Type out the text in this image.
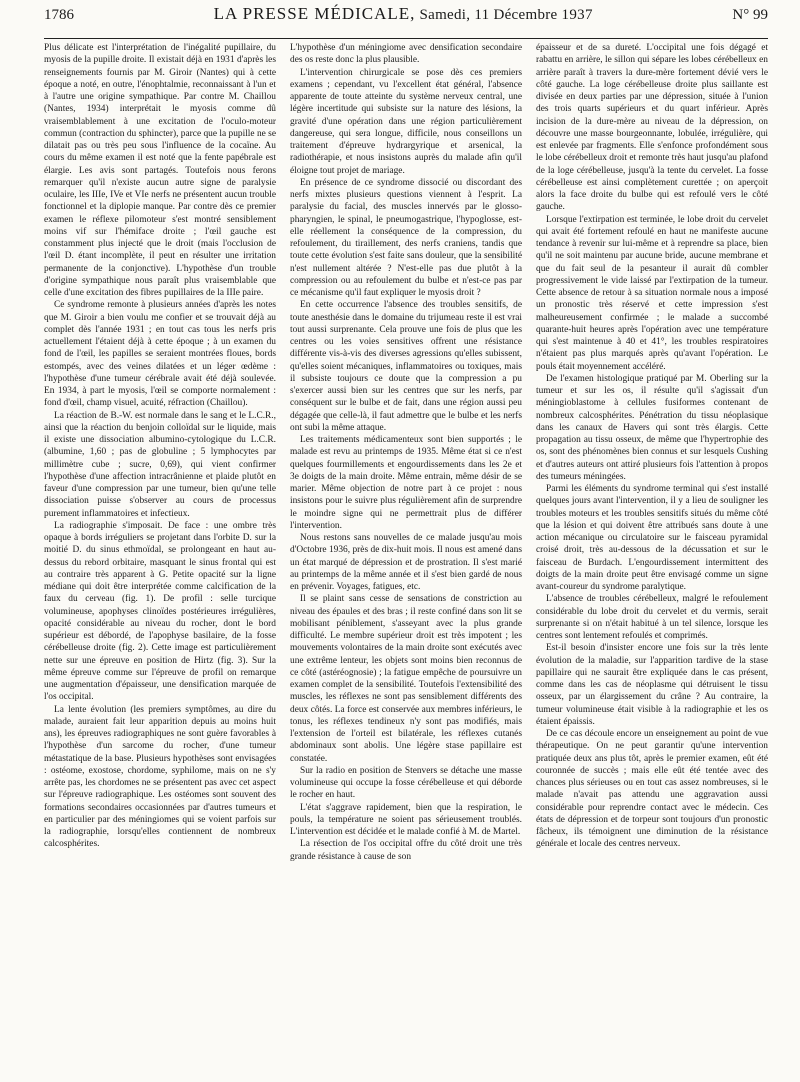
1786	LA PRESSE MÉDICALE, Samedi, 11 Décembre 1937	N° 99

Plus délicate est l'interprétation de l'inégalité pupillaire, du myosis de la pupille droite. Il existait déjà en 1931 d'après les renseignements fournis par M. Giroir (Nantes) qui à cette époque a noté, en outre, l'énophtalmie, reconnaissant à l'un et à l'autre une origine sympathique. Par contre M. Chaillou (Nantes, 1934) interprétait le myosis comme dû vraisemblablement à une excitation de l'oculo-moteur commun (contraction du sphincter), parce que la pupille ne se dilatait pas ou très peu sous l'influence de la cocaïne. Au cours du même examen il est noté que la fente papébrale est élargie. Les avis sont partagés. Toutefois nous ferons remarquer qu'il n'existe aucun autre signe de paralysie oculaire, les IIIe, IVe et VIe nerfs ne présentent aucun trouble fonctionnel et la diplopie manque. Par contre dès ce premier examen le réflexe pilomoteur s'est montré sensiblement moins vif sur l'hémiface droite ; l'œil gauche est constamment plus injecté que le droit (mais l'occlusion de l'œil D. étant incomplète, il peut en résulter une irritation permanente de la conjonctive). L'hypothèse d'un trouble d'origine sympathique nous paraît plus vraisemblable que celle d'une excitation des fibres pupillaires de la IIIe paire.

Ce syndrome remonte à plusieurs années d'après les notes que M. Giroir a bien voulu me confier et se trouvait déjà au complet dès l'année 1931 ; en tout cas tous les nerfs pris actuellement l'étaient déjà à cette époque ; à un examen du fond de l'œil, les papilles se seraient montrées floues, bords estompés, avec des veines dilatées et un léger œdème : l'hypothèse d'une tumeur cérébrale avait été déjà soulevée. En 1934, à part le myosis, l'œil se comporte normalement : fond d'œil, champ visuel, acuité, réfraction (Chaillou).

La réaction de B.-W. est normale dans le sang et le L.C.R., ainsi que la réaction du benjoin colloïdal sur le liquide, mais il existe une dissociation albumino-cytologique du L.C.R. (albumine, 1,60 ; pas de globuline ; 5 lymphocytes par millimètre cube ; sucre, 0,69), qui vient confirmer l'hypothèse d'une affection intracrânienne et plaide plutôt en faveur d'une compression par une tumeur, bien qu'une telle dissociation puisse s'observer au cours de processus purement inflammatoires et infectieux.

La radiographie s'imposait. De face : une ombre très opaque à bords irréguliers se projetant dans l'orbite D. sur la moitié D. du sinus ethmoïdal, se prolongeant en haut au-dessus du rebord orbitaire, masquant le sinus frontal qui est au contraire très apparent à G. Petite opacité sur la ligne médiane qui doit être interprétée comme calcification de la faux du cerveau (fig. 1). De profil : selle turcique volumineuse, apophyses clinoïdes postérieures irrégulières, opacité considérable au niveau du rocher, dont le bord supérieur est débordé, de l'apophyse basilaire, de la fosse cérébelleuse droite (fig. 2). Cette image est particulièrement nette sur une épreuve en position de Hirtz (fig. 3). Sur la même épreuve comme sur l'épreuve de profil on remarque une augmentation d'épaisseur, une densification marquée de l'os occipital.

La lente évolution (les premiers symptômes, au dire du malade, auraient fait leur apparition depuis au moins huit ans), les épreuves radiographiques ne sont guère favorables à l'hypothèse d'un sarcome du rocher, d'une tumeur métastatique de la base. Plusieurs hypothèses sont envisagées : ostéome, exostose, chordome, syphilome, mais on ne s'y arrête pas, les chordomes ne se présentent pas avec cet aspect sur l'épreuve radiographique. Les ostéomes sont souvent des formations secondaires occasionnées par d'autres tumeurs et en particulier par des méningiomes qui se voient parfois sur la radiographie, lorsqu'elles contiennent de nombreux calcosphérites.

L'hypothèse d'un méningiome avec densification secondaire des os reste donc la plus plausible.

L'intervention chirurgicale se pose dès ces premiers examens ; cependant, vu l'excellent état général, l'absence apparente de toute atteinte du système nerveux central, une légère incertitude qui subsiste sur la nature des lésions, la gravité d'une opération dans une région particulièrement dangereuse, qui sera longue, difficile, nous conseillons un traitement d'épreuve hydrargyrique et arsenical, la radiothérapie, et nous insistons auprès du malade afin qu'il éloigne tout projet de mariage.

En présence de ce syndrome dissocié ou discordant des nerfs mixtes plusieurs questions viennent à l'esprit. La paralysie du facial, des muscles innervés par le glosso-pharyngien, le spinal, le pneumogastrique, l'hypoglosse, est-elle réellement la conséquence de la compression, du refoulement, du tiraillement, des nerfs craniens, tandis que toute cette évolution s'est faite sans douleur, que la sensibilité n'est nullement altérée ? N'est-elle pas due plutôt à la compression ou au refoulement du bulbe et n'est-ce pas par ce mécanisme qu'il faut expliquer le myosis droit ?

En cette occurrence l'absence des troubles sensitifs, de toute anesthésie dans le domaine du trijumeau reste il est vrai tout aussi surprenante. Cela prouve une fois de plus que les centres ou les voies sensitives offrent une résistance différente vis-à-vis des diverses agressions qu'elles subissent, qu'elles soient mécaniques, inflammatoires ou toxiques, mais il subsiste toujours ce doute que la compression a pu s'exercer aussi bien sur les centres que sur les nerfs, par conséquent sur le bulbe et de fait, dans une région aussi peu dégagée que celle-là, il faut admettre que le bulbe et les nerfs ont subi la même attaque.

Les traitements médicamenteux sont bien supportés ; le malade est revu au printemps de 1935. Même état si ce n'est quelques fourmillements et engourdissements dans les 2e et 3e doigts de la main droite. Même entrain, même désir de se marier. Même objection de notre part à ce projet : nous insistons pour le suivre plus régulièrement afin de surprendre le moindre signe qui ne permettrait plus de différer l'intervention.

Nous restons sans nouvelles de ce malade jusqu'au mois d'Octobre 1936, près de dix-huit mois. Il nous est amené dans un état marqué de dépression et de prostration. Il s'est marié au printemps de la même année et il s'est bien gardé de nous en prévenir. Voyages, fatigues, etc.

Il se plaint sans cesse de sensations de constriction au niveau des épaules et des bras ; il reste confiné dans son lit se mobilisant péniblement, s'asseyant avec la plus grande difficulté. Le membre supérieur droit est très impotent ; les mouvements volontaires de la main droite sont exécutés avec une extrême lenteur, les objets sont moins bien reconnus de ce côté (astéréognosie) ; la fatigue empêche de poursuivre un examen complet de la sensibilité. Toutefois l'extensibilité des muscles, les réflexes ne sont pas sensiblement différents des deux côtés. La force est conservée aux membres inférieurs, le tonus, les réflexes tendineux n'y sont pas modifiés, mais l'extension de l'orteil est bilatérale, les réflexes cutanés abdominaux sont abolis. Une légère stase papillaire est constatée.

Sur la radio en position de Stenvers se détache une masse volumineuse qui occupe la fosse cérébelleuse et qui déborde le rocher en haut.

L'état s'aggrave rapidement, bien que la respiration, le pouls, la température ne soient pas sérieusement troublés. L'intervention est décidée et le malade confié à M. de Martel.

La résection de l'os occipital offre du côté droit une très grande résistance à cause de son

épaisseur et de sa dureté. L'occipital une fois dégagé et rabattu en arrière, le sillon qui sépare les lobes cérébelleux en arrière paraît à travers la dure-mère fortement dévié vers le côté gauche. La loge cérébelleuse droite plus saillante est divisée en deux parties par une dépression, située à l'union des trois quarts supérieurs et du quart inférieur. Après incision de la dure-mère au niveau de la dépression, on découvre une masse bourgeonnante, lobulée, irrégulière, qui est enlevée par fragments. Elle s'enfonce profondément sous le lobe cérébelleux droit et remonte très haut jusqu'au plafond de la loge cérébelleuse, jusqu'à la tente du cervelet. La fosse cérébelleuse est ainsi complètement curettée ; on aperçoit alors la face droite du bulbe qui est refoulé vers le côté gauche.

Lorsque l'extirpation est terminée, le lobe droit du cervelet qui avait été fortement refoulé en haut ne manifeste aucune tendance à revenir sur lui-même et à reprendre sa place, bien qu'il ne soit maintenu par aucune bride, aucune membrane et que du fait seul de la pesanteur il aurait dû combler progressivement le vide laissé par l'extirpation de la tumeur. Cette absence de retour à sa situation normale nous a imposé un pronostic très réservé et cette impression s'est malheureusement confirmée ; le malade a succombé quarante-huit heures après l'opération avec une température qui s'est maintenue à 40 et 41°, les troubles respiratoires n'étaient pas plus marqués après qu'avant l'opération. Le pouls était moyennement accéléré.

De l'examen histologique pratiqué par M. Oberling sur la tumeur et sur les os, il résulte qu'il s'agissait d'un méningioblastome à cellules fusiformes contenant de nombreux calcosphérites. Pénétration du tissu néoplasique dans les canaux de Havers qui sont très élargis. Cette propagation au tissu osseux, de même que l'hypertrophie des os, sont des phénomènes bien connus et sur lesquels Cushing et d'autres auteurs ont attiré plusieurs fois l'attention à propos des tumeurs méningées.

Parmi les éléments du syndrome terminal qui s'est installé quelques jours avant l'intervention, il y a lieu de souligner les troubles moteurs et les troubles sensitifs situés du même côté que la lésion et qui doivent être attribués sans doute à une action mécanique ou circulatoire sur le faisceau pyramidal croisé droit, très au-dessous de la décussation et sur le faisceau de Burdach. L'engourdissement intermittent des doigts de la main droite peut être envisagé comme un signe avant-coureur du syndrome paralytique.

L'absence de troubles cérébelleux, malgré le refoulement considérable du lobe droit du cervelet et du vermis, serait surprenante si on n'était habitué à un tel silence, lorsque les centres sont lentement refoulés et comprimés.

Est-il besoin d'insister encore une fois sur la très lente évolution de la maladie, sur l'apparition tardive de la stase papillaire qui ne saurait être expliquée dans le cas présent, comme dans les cas de néoplasme qui détruisent le tissu osseux, par un élargissement du crâne ? Au contraire, la tumeur volumineuse était visible à la radiographie et les os étaient épaissis.

De ce cas découle encore un enseignement au point de vue thérapeutique. On ne peut garantir qu'une intervention pratiquée deux ans plus tôt, après le premier examen, eût été couronnée de succès ; mais elle eût été tentée avec des chances plus sérieuses ou en tout cas assez nombreuses, si le malade n'avait pas attendu une aggravation aussi considérable pour reprendre contact avec le médecin. Ces états de dépression et de torpeur sont toujours d'un pronostic fâcheux, ils témoignent une diminution de la résistance générale et locale des centres nerveux.
